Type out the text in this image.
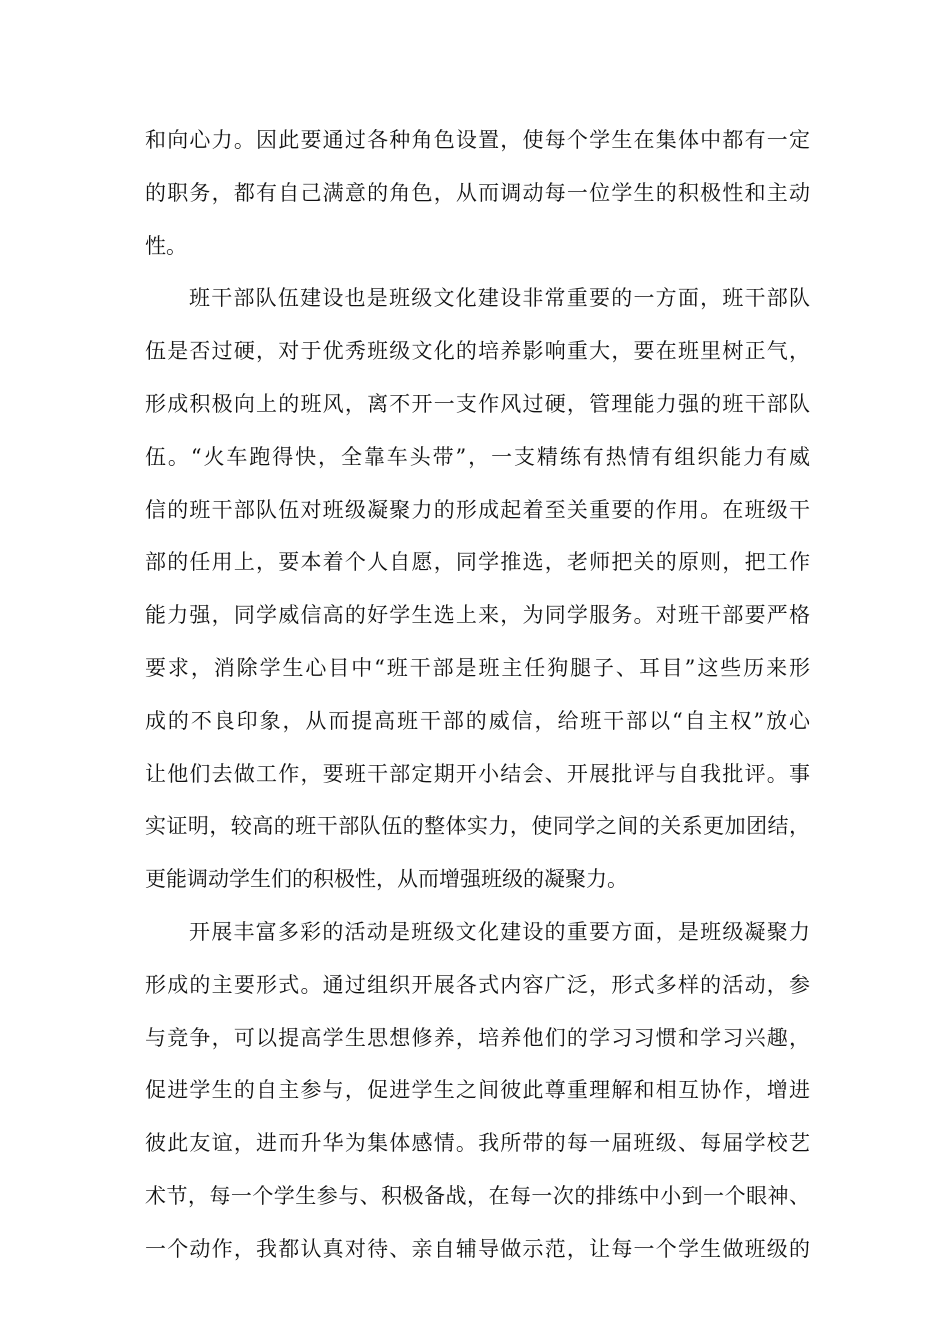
和向心力。因此要通过各种角色设置，使每个学生在集体中都有一定
的职务，都有自己满意的角色，从而调动每一位学生的积极性和主动
性。
班干部队伍建设也是班级文化建设非常重要的一方面，班干部队
伍是否过硬，对于优秀班级文化的培养影响重大，要在班里树正气，
形成积极向上的班风，离不开一支作风过硬，管理能力强的班干部队
伍。“火车跑得快，全靠车头带”，一支精练有热情有组织能力有威
信的班干部队伍对班级凝聚力的形成起着至关重要的作用。在班级干
部的任用上，要本着个人自愿，同学推选，老师把关的原则，把工作
能力强，同学威信高的好学生选上来，为同学服务。对班干部要严格
要求，消除学生心目中“班干部是班主任狗腿子、耳目”这些历来形
成的不良印象，从而提高班干部的威信，给班干部以“自主权”放心
让他们去做工作，要班干部定期开小结会、开展批评与自我批评。事
实证明，较高的班干部队伍的整体实力，使同学之间的关系更加团结，
更能调动学生们的积极性，从而增强班级的凝聚力。
开展丰富多彩的活动是班级文化建设的重要方面，是班级凝聚力
形成的主要形式。通过组织开展各式内容广泛，形式多样的活动，参
与竞争，可以提高学生思想修养，培养他们的学习习惯和学习兴趣，
促进学生的自主参与，促进学生之间彼此尊重理解和相互协作，增进
彼此友谊，进而升华为集体感情。我所带的每一届班级、每届学校艺
术节，每一个学生参与、积极备战，在每一次的排练中小到一个眼神、
一个动作，我都认真对待、亲自辅导做示范，让每一个学生做班级的
